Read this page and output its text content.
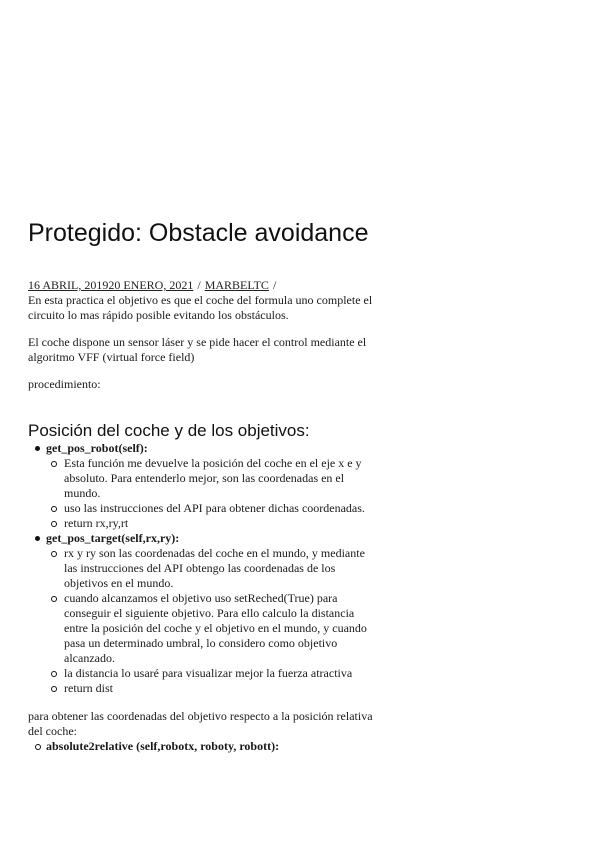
Protegido: Obstacle avoidance
16 ABRIL, 201920 ENERO, 2021 / MARBELTC /

En esta practica el objetivo es que el coche del formula uno complete el circuito lo mas rápido posible evitando los obstáculos.

El coche dispone un sensor láser y se pide hacer el control mediante el algoritmo VFF (virtual force field)

procedimiento:

Posición del coche y de los objetivos:
get_pos_robot(self):
Esta función me devuelve la posición del coche en el eje x e y absoluto. Para entenderlo mejor, son las coordenadas en el mundo.
uso las instrucciones del API para obtener dichas coordenadas.
return rx,ry,rt
get_pos_target(self,rx,ry):
rx y ry son las coordenadas del coche en el mundo, y mediante las instrucciones del API obtengo las coordenadas de los objetivos en el mundo.
cuando alcanzamos el objetivo uso setReched(True) para conseguir el siguiente objetivo. Para ello calculo la distancia entre la posición del coche y el objetivo en el mundo, y cuando pasa un determinado umbral, lo considero como objetivo alcanzado.
la distancia lo usaré para visualizar mejor la fuerza atractiva
return dist

para obtener las coordenadas del objetivo respecto a la posición relativa del coche:

absolute2relative (self,robotx, roboty, robott):
